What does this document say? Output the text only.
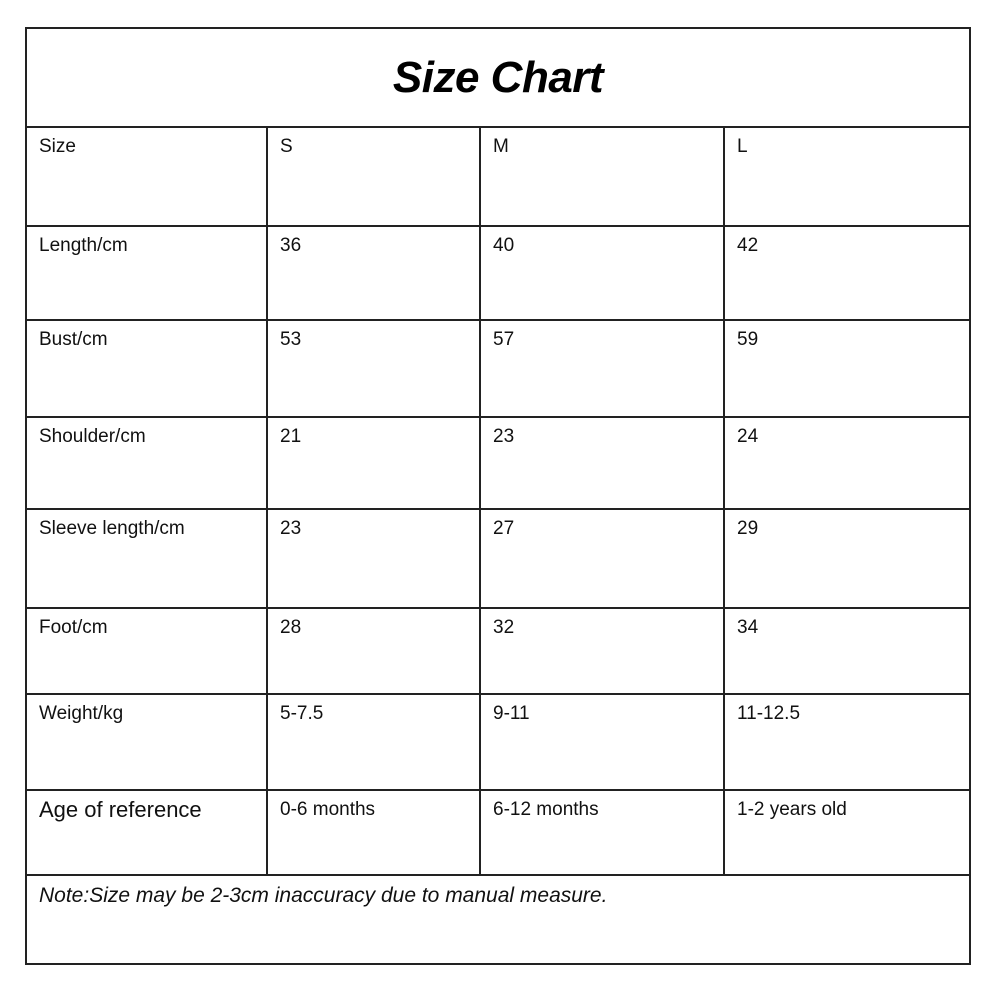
Size Chart
Size	S	M	L
Length/cm	36	40	42
Bust/cm	53	57	59
Shoulder/cm	21	23	24
Sleeve length/cm	23	27	29
Foot/cm	28	32	34
Weight/kg	5-7.5	9-11	11-12.5
Age of reference	0-6 months	6-12 months	1-2 years old
Note:Size may be 2-3cm inaccuracy due to manual measure.
